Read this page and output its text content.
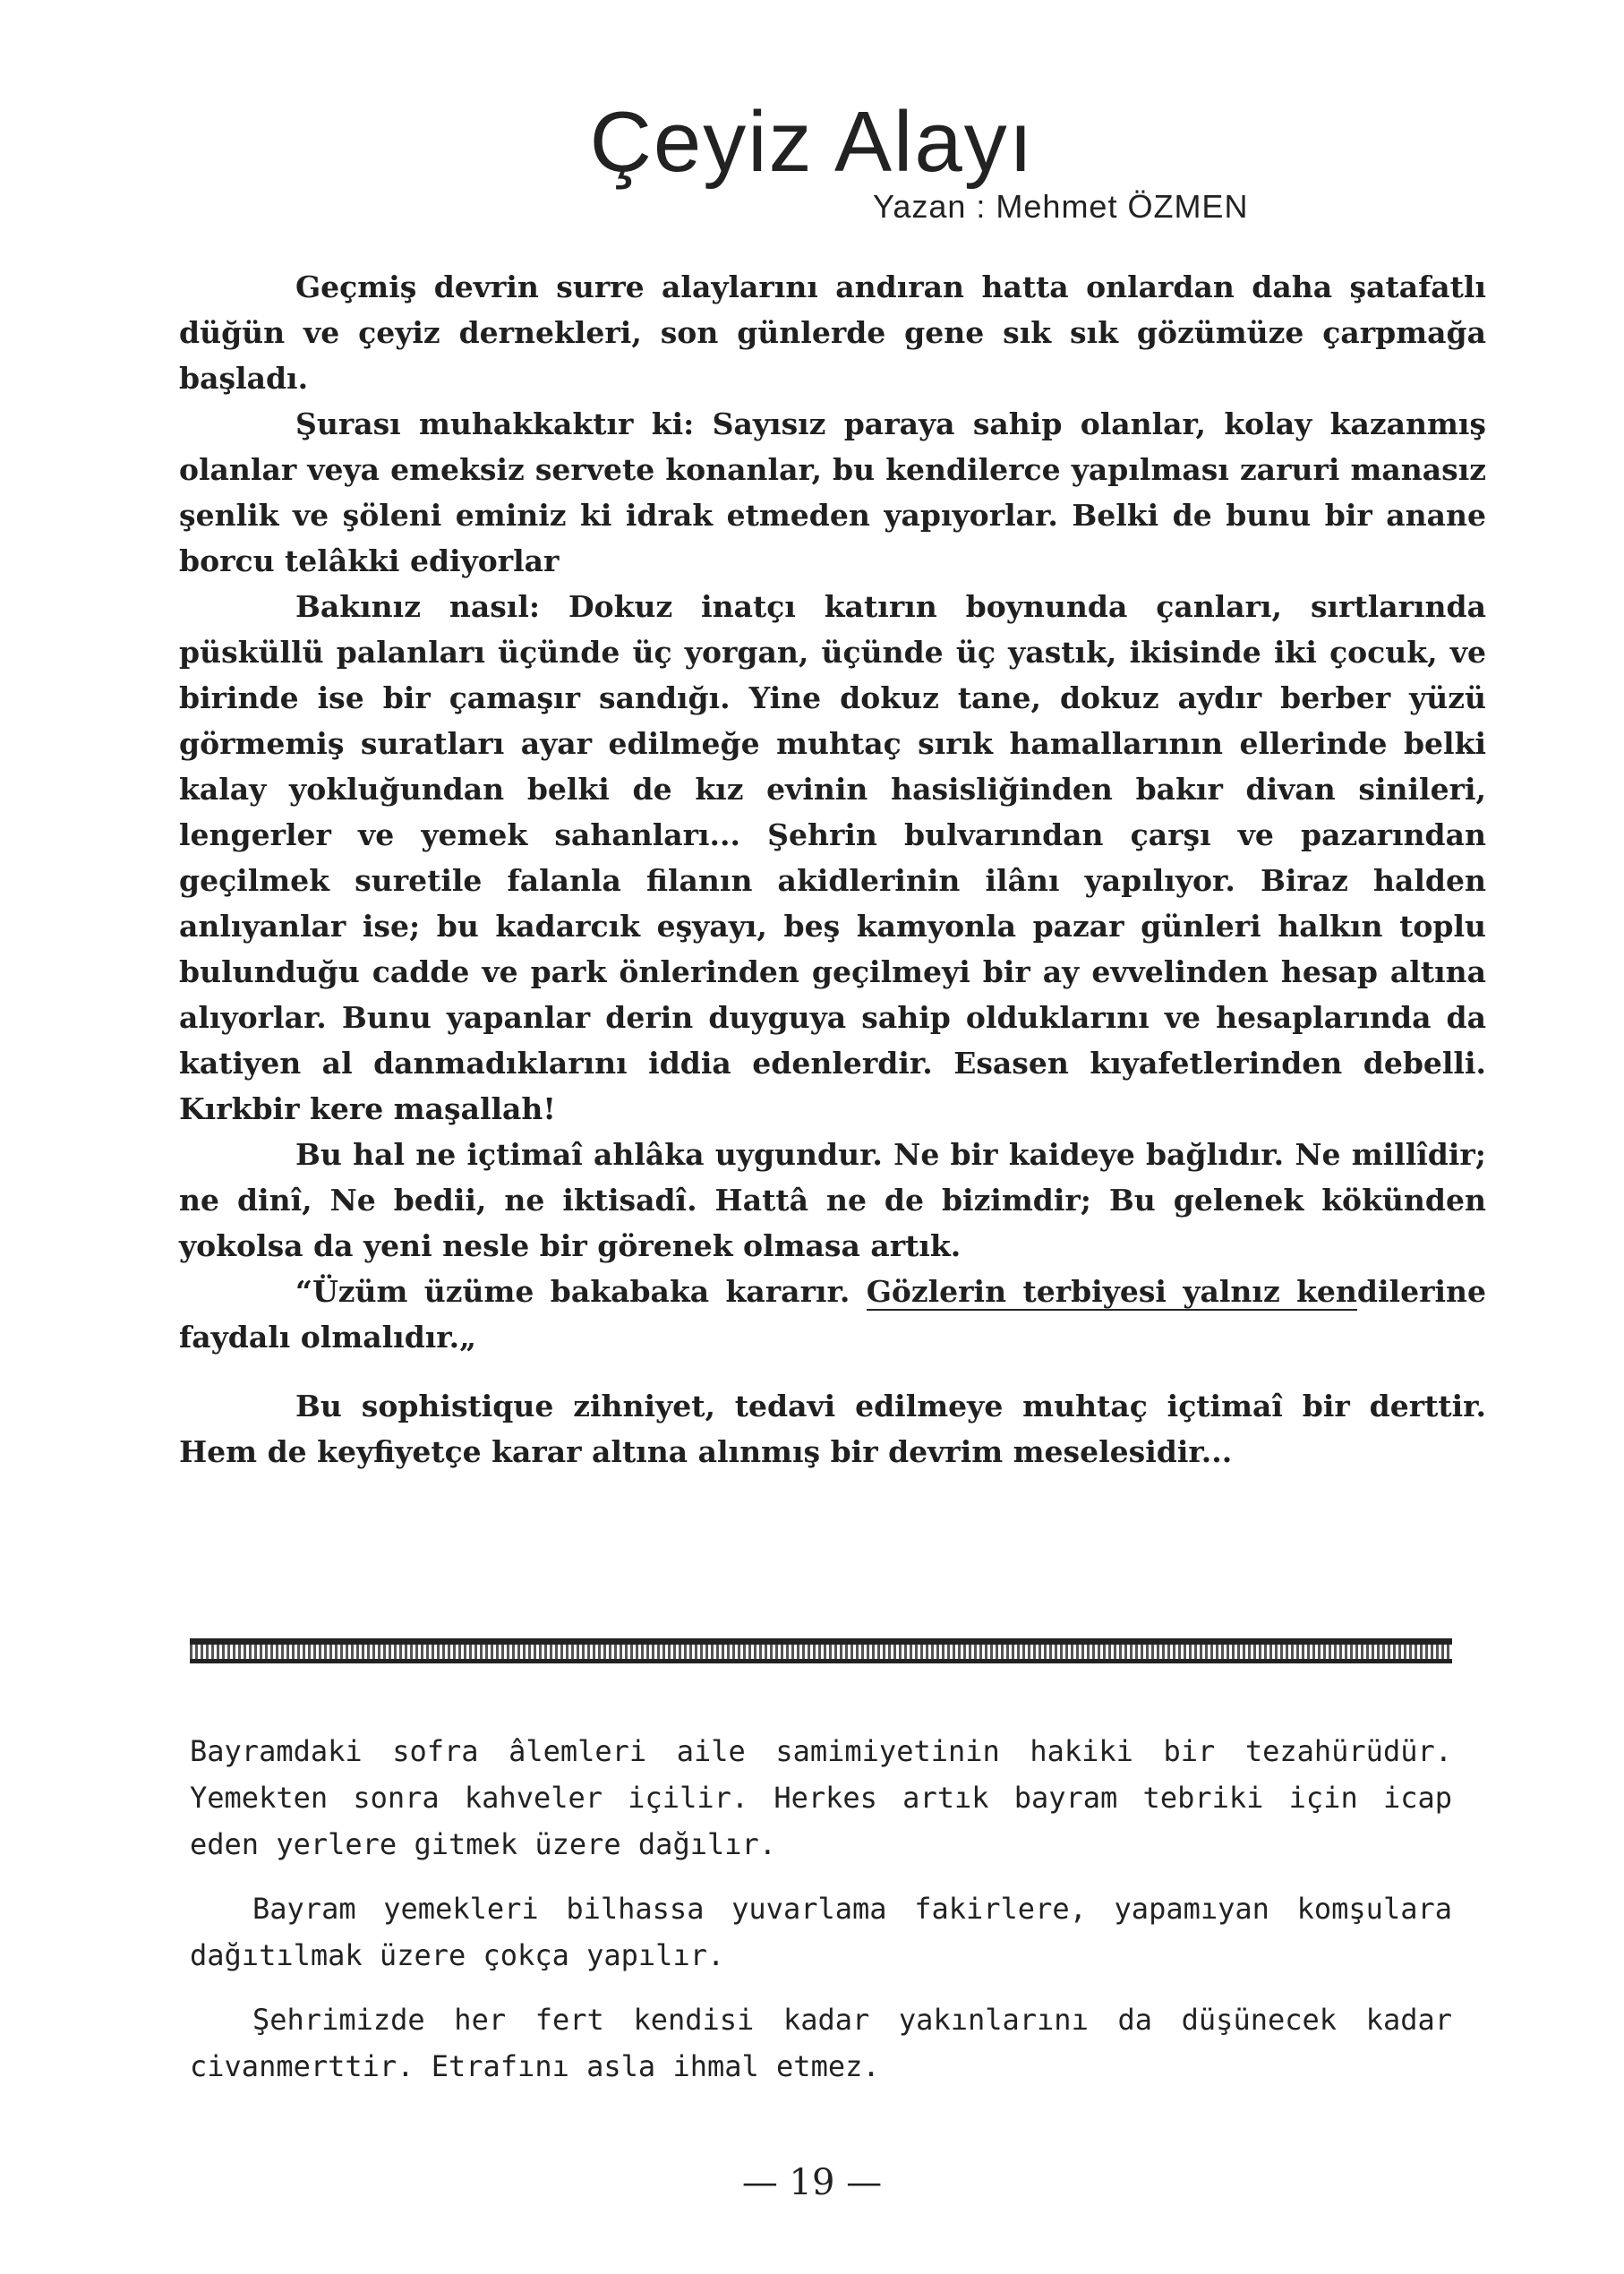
Çeyiz Alayı
Yazan : Mehmet ÖZMEN

Geçmiş devrin surre alaylarını andıran hatta onlardan daha şatafatlı düğün ve çeyiz dernekleri, son günlerde gene sık sık gözümüze çarpmağa başladı.

Şurası muhakkaktır ki: Sayısız paraya sahip olanlar, kolay kazanmış olanlar veya emeksiz servete konanlar, bu kendilerce yapılması zaruri manasız şenlik ve şöleni eminiz ki idrak etmeden yapıyorlar. Belki de bunu bir anane borcu telâkki ediyorlar

Bakınız nasıl: Dokuz inatçı katırın boynunda çanları, sırtlarında püsküllü palanları üçünde üç yorgan, üçünde üç yastık, ikisinde iki çocuk, ve birinde ise bir çamaşır sandığı. Yine dokuz tane, dokuz aydır berber yüzü görmemiş suratları ayar edilmeğe muhtaç sırık hamallarının ellerinde belki kalay yokluğundan belki de kız evinin hasisliğinden bakır divan sinileri, lengerler ve yemek sahanları... Şehrin bulvarından çarşı ve pazarından geçilmek suretile falanla filanın akidlerinin ilânı yapılıyor. Biraz halden anlıyanlar ise; bu kadarcık eşyayı, beş kamyonla pazar günleri halkın toplu bulunduğu cadde ve park önlerinden geçilmeyi bir ay evvelinden hesap altına alıyorlar. Bunu yapanlar derin duyguya sahip olduklarını ve hesaplarında da katiyen al danmadıklarını iddia edenlerdir. Esasen kıyafetlerinden debelli. Kırkbir kere maşallah!

Bu hal ne içtimaî ahlâka uygundur. Ne bir kaideye bağlıdır. Ne millîdir; ne dinî, Ne bedii, ne iktisadî. Hattâ ne de bizimdir; Bu gelenek kökünden yokolsa da yeni nesle bir görenek olmasa artık.

“Üzüm üzüme bakabaka kararır. Gözlerin terbiyesi yalnız kendilerine faydalı olmalıdır.„

Bu sophistique zihniyet, tedavi edilmeye muhtaç içtimaî bir derttir. Hem de keyfiyetçe karar altına alınmış bir devrim meselesidir...

Bayramdaki sofra âlemleri aile samimiyetinin hakiki bir tezahürüdür. Yemekten sonra kahveler içilir. Herkes artık bayram tebriki için icap eden yerlere gitmek üzere dağılır.

Bayram yemekleri bilhassa yuvarlama fakirlere, yapamıyan komşulara dağıtılmak üzere çokça yapılır.

Şehrimizde her fert kendisi kadar yakınlarını da düşünecek kadar civanmerttir. Etrafını asla ihmal etmez.

— 19 —
